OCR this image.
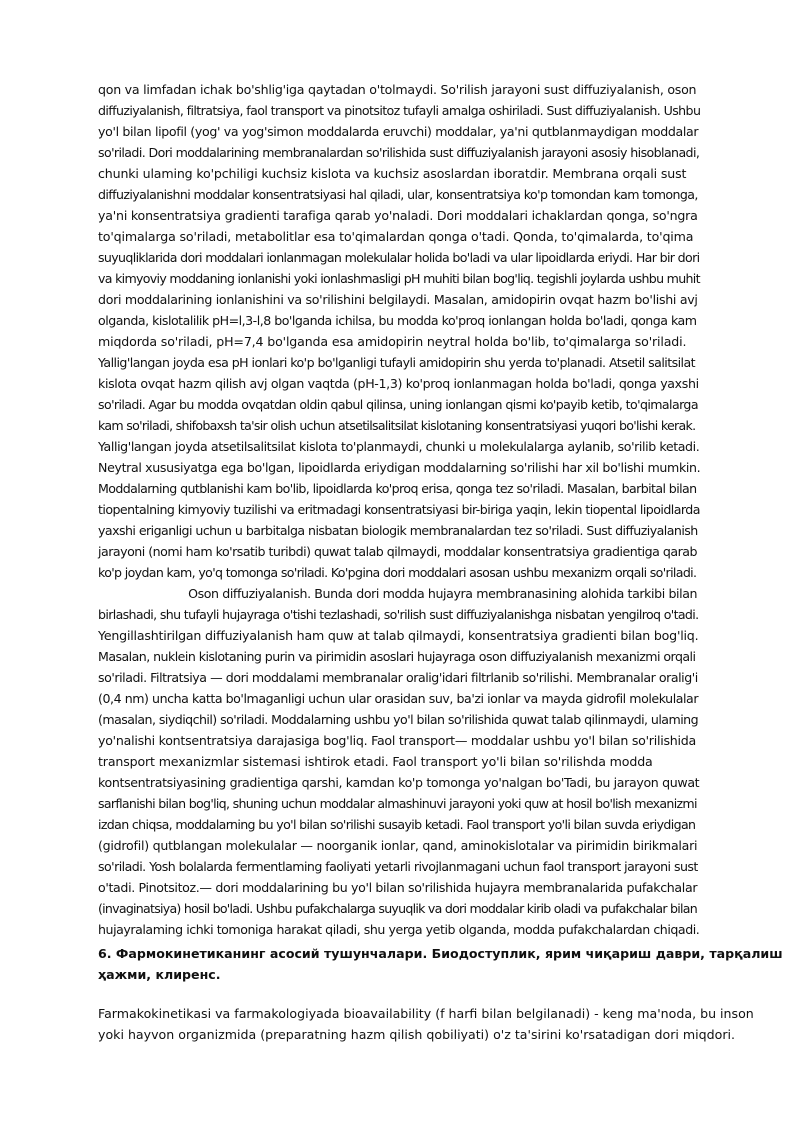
qon va limfadan ichak bo'shlig'iga qaytadan o'tolmaydi. So'rilish jarayoni sust diffuziyalanish, oson
diffuziyalanish, filtratsiya, faol transport va pinotsitoz tufayli amalga oshiriladi. Sust diffuziyalanish. Ushbu
yo'l bilan lipofil (yog' va yog'simon moddalarda eruvchi) moddalar, ya'ni qutblanmaydigan moddalar
so'riladi. Dori moddalarining membranalardan so'rilishida sust diffuziyalanish jarayoni asosiy hisoblanadi,
chunki ulaming ko'pchiligi kuchsiz kislota va kuchsiz asoslardan iboratdir. Membrana orqali sust
diffuziyalanishni moddalar konsentratsiyasi hal qiladi, ular, konsentratsiya ko'p tomondan kam tomonga,
ya'ni konsentratsiya gradienti tarafiga qarab yo'naladi. Dori moddalari ichaklardan qonga, so'ngra
to'qimalarga so'riladi, metabolitlar esa to'qimalardan qonga o'tadi. Qonda, to'qimalarda, to'qima
suyuqliklarida dori moddalari ionlanmagan molekulalar holida bo'ladi va ular lipoidlarda eriydi. Har bir dori
va kimyoviy moddaning ionlanishi yoki ionlashmasligi pH muhiti bilan bog'liq. tegishli joylarda ushbu muhit
dori moddalarining ionlanishini va so'rilishini belgilaydi. Masalan, amidopirin ovqat hazm bo'lishi avj
olganda, kislotalilik pH=l,3-l,8 bo'lganda ichilsa, bu modda ko'proq ionlangan holda bo'ladi, qonga kam
miqdorda so'riladi, pH=7,4 bo'lganda esa amidopirin neytral holda bo'lib, to'qimalarga so'riladi.
Yallig'langan joyda esa pH ionlari ko'p bo'lganligi tufayli amidopirin shu yerda to'planadi. Atsetil salitsilat
kislota ovqat hazm qilish avj olgan vaqtda (pH-1,3) ko'proq ionlanmagan holda bo'ladi, qonga yaxshi
so'riladi. Agar bu modda ovqatdan oldin qabul qilinsa, uning ionlangan qismi ko'payib ketib, to'qimalarga
kam so'riladi, shifobaxsh ta'sir olish uchun atsetilsalitsilat kislotaning konsentratsiyasi yuqori bo'lishi kerak.
Yallig'langan joyda atsetilsalitsilat kislota to'planmaydi, chunki u molekulalarga aylanib, so'rilib ketadi.
Neytral xususiyatga ega bo'lgan, lipoidlarda eriydigan moddalarning so'rilishi har xil bo'lishi mumkin.
Moddalarning qutblanishi kam bo'lib, lipoidlarda ko'proq erisa, qonga tez so'riladi. Masalan, barbital bilan
tiopentalning kimyoviy tuzilishi va eritmadagi konsentratsiyasi bir-biriga yaqin, lekin tiopental lipoidlarda
yaxshi eriganligi uchun u barbitalga nisbatan biologik membranalardan tez so'riladi. Sust diffuziyalanish
jarayoni (nomi ham ko'rsatib turibdi) quwat talab qilmaydi, moddalar konsentratsiya gradientiga qarab
ko'p joydan kam, yo'q tomonga so'riladi. Ko'pgina dori moddalari asosan ushbu mexanizm orqali so'riladi.
Oson diffuziyalanish. Bunda dori modda hujayra membranasining alohida tarkibi bilan
birlashadi, shu tufayli hujayraga o'tishi tezlashadi, so'rilish sust diffuziyalanishga nisbatan yengilroq o'tadi.
Yengillashtirilgan diffuziyalanish ham quw at talab qilmaydi, konsentratsiya gradienti bilan bog'liq.
Masalan, nuklein kislotaning purin va pirimidin asoslari hujayraga oson diffuziyalanish mexanizmi orqali
so'riladi. Filtratsiya — dori moddalami membranalar oralig'idari filtrlanib so'rilishi. Membranalar oralig'i
(0,4 nm) uncha katta bo'lmaganligi uchun ular orasidan suv, ba'zi ionlar va mayda gidrofil molekulalar
(masalan, siydiqchil) so'riladi. Moddalarning ushbu yo'l bilan so'rilishida quwat talab qilinmaydi, ulaming
yo'nalishi kontsentratsiya darajasiga bog'liq. Faol transport— moddalar ushbu yo'l bilan so'rilishida
transport mexanizmlar sistemasi ishtirok etadi. Faol transport yo'li bilan so'rilishda modda
kontsentratsiyasining gradientiga qarshi, kamdan ko'p tomonga yo'nalgan bo'Tadi, bu jarayon quwat
sarflanishi bilan bog'liq, shuning uchun moddalar almashinuvi jarayoni yoki quw at hosil bo'lish mexanizmi
izdan chiqsa, moddalarning bu yo'l bilan so'rilishi susayib ketadi. Faol transport yo'li bilan suvda eriydigan
(gidrofil) qutblangan molekulalar — noorganik ionlar, qand, aminokislotalar va pirimidin birikmalari
so'riladi. Yosh bolalarda fermentlaming faoliyati yetarli rivojlanmagani uchun faol transport jarayoni sust
o'tadi. Pinotsitoz.— dori moddalarining bu yo'l bilan so'rilishida hujayra membranalarida pufakchalar
(invaginatsiya) hosil bo'ladi. Ushbu pufakchalarga suyuqlik va dori moddalar kirib oladi va pufakchalar bilan
hujayralaming ichki tomoniga harakat qiladi, shu yerga yetib olganda, modda pufakchalardan chiqadi.
6. Фармокинетиканинг асосий тушунчалари. Биодоступлик, ярим чиқариш даври, тарқалиш
ҳажми, клиренс.
Farmakokinetikasi va farmakologiyada bioavailability (f harfi bilan belgilanadi) - keng ma'noda, bu inson
yoki hayvon organizmida (preparatning hazm qilish qobiliyati) o'z ta'sirini ko'rsatadigan dori miqdori.
